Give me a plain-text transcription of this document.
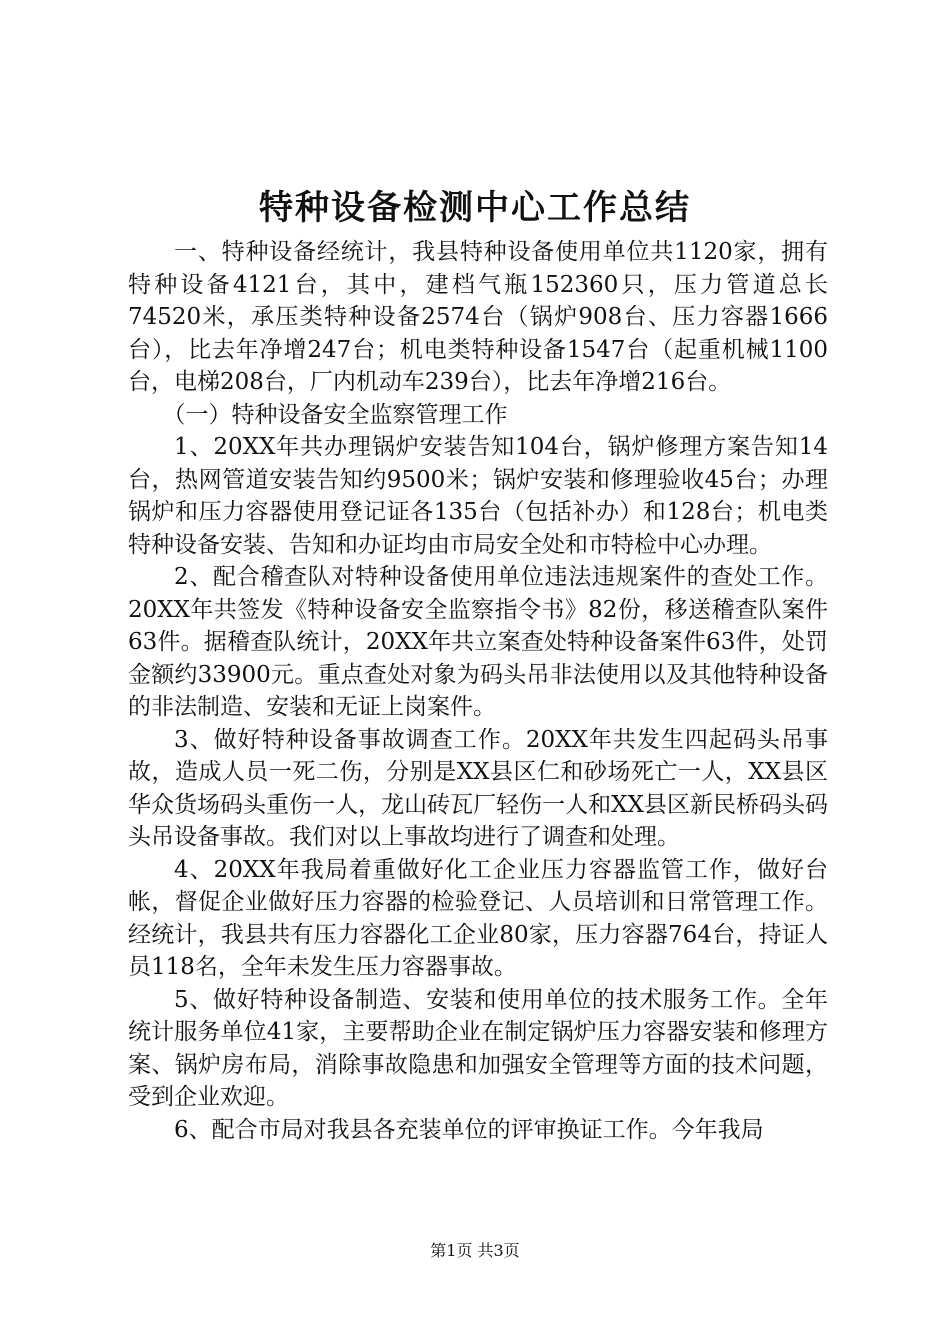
特种设备检测中心工作总结

一、特种设备经统计，我县特种设备使用单位共1120家，拥有特种设备4121台，其中，建档气瓶152360只，压力管道总长74520米，承压类特种设备2574台（锅炉908台、压力容器1666台），比去年净增247台；机电类特种设备1547台（起重机械1100台，电梯208台，厂内机动车239台），比去年净增216台。

（一）特种设备安全监察管理工作

1、20XX年共办理锅炉安装告知104台，锅炉修理方案告知14台，热网管道安装告知约9500米；锅炉安装和修理验收45台；办理锅炉和压力容器使用登记证各135台（包括补办）和128台；机电类特种设备安装、告知和办证均由市局安全处和市特检中心办理。

2、配合稽查队对特种设备使用单位违法违规案件的查处工作。20XX年共签发《特种设备安全监察指令书》82份，移送稽查队案件63件。据稽查队统计，20XX年共立案查处特种设备案件63件，处罚金额约33900元。重点查处对象为码头吊非法使用以及其他特种设备的非法制造、安装和无证上岗案件。

3、做好特种设备事故调查工作。20XX年共发生四起码头吊事故，造成人员一死二伤，分别是XX县区仁和砂场死亡一人，XX县区华众货场码头重伤一人，龙山砖瓦厂轻伤一人和XX县区新民桥码头码头吊设备事故。我们对以上事故均进行了调查和处理。

4、20XX年我局着重做好化工企业压力容器监管工作，做好台帐，督促企业做好压力容器的检验登记、人员培训和日常管理工作。经统计，我县共有压力容器化工企业80家，压力容器764台，持证人员118名，全年未发生压力容器事故。

5、做好特种设备制造、安装和使用单位的技术服务工作。全年统计服务单位41家，主要帮助企业在制定锅炉压力容器安装和修理方案、锅炉房布局，消除事故隐患和加强安全管理等方面的技术问题，受到企业欢迎。

6、配合市局对我县各充装单位的评审换证工作。今年我局

第1页 共3页
